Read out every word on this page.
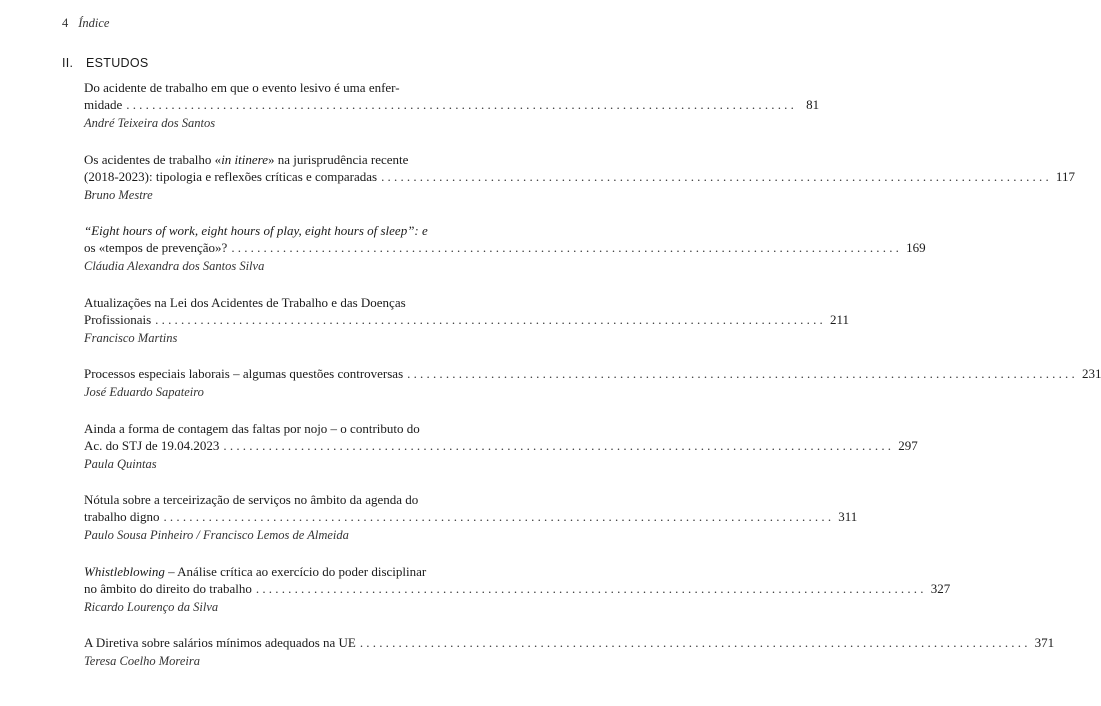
4 Índice
II. ESTUDOS
Do acidente de trabalho em que o evento lesivo é uma enfer-
midade ........................................................................................................ 81
André Teixeira dos Santos
Os acidentes de trabalho «in itinere» na jurisprudência recente
(2018-2023): tipologia e reflexões críticas e comparadas ........................................................................................................ 117
Bruno Mestre
“Eight hours of work, eight hours of play, eight hours of sleep”: e
os «tempos de prevenção»? ........................................................................................................ 169
Cláudia Alexandra dos Santos Silva
Atualizações na Lei dos Acidentes de Trabalho e das Doenças
Profissionais ........................................................................................................ 211
Francisco Martins
Processos especiais laborais – algumas questões controversas ........................................................................................................ 231
José Eduardo Sapateiro
Ainda a forma de contagem das faltas por nojo – o contributo do
Ac. do STJ de 19.04.2023 ........................................................................................................ 297
Paula Quintas
Nótula sobre a terceirização de serviços no âmbito da agenda do
trabalho digno ........................................................................................................ 311
Paulo Sousa Pinheiro / Francisco Lemos de Almeida
Whistleblowing – Análise crítica ao exercício do poder disciplinar
no âmbito do direito do trabalho ........................................................................................................ 327
Ricardo Lourenço da Silva
A Diretiva sobre salários mínimos adequados na UE ........................................................................................................ 371
Teresa Coelho Moreira
